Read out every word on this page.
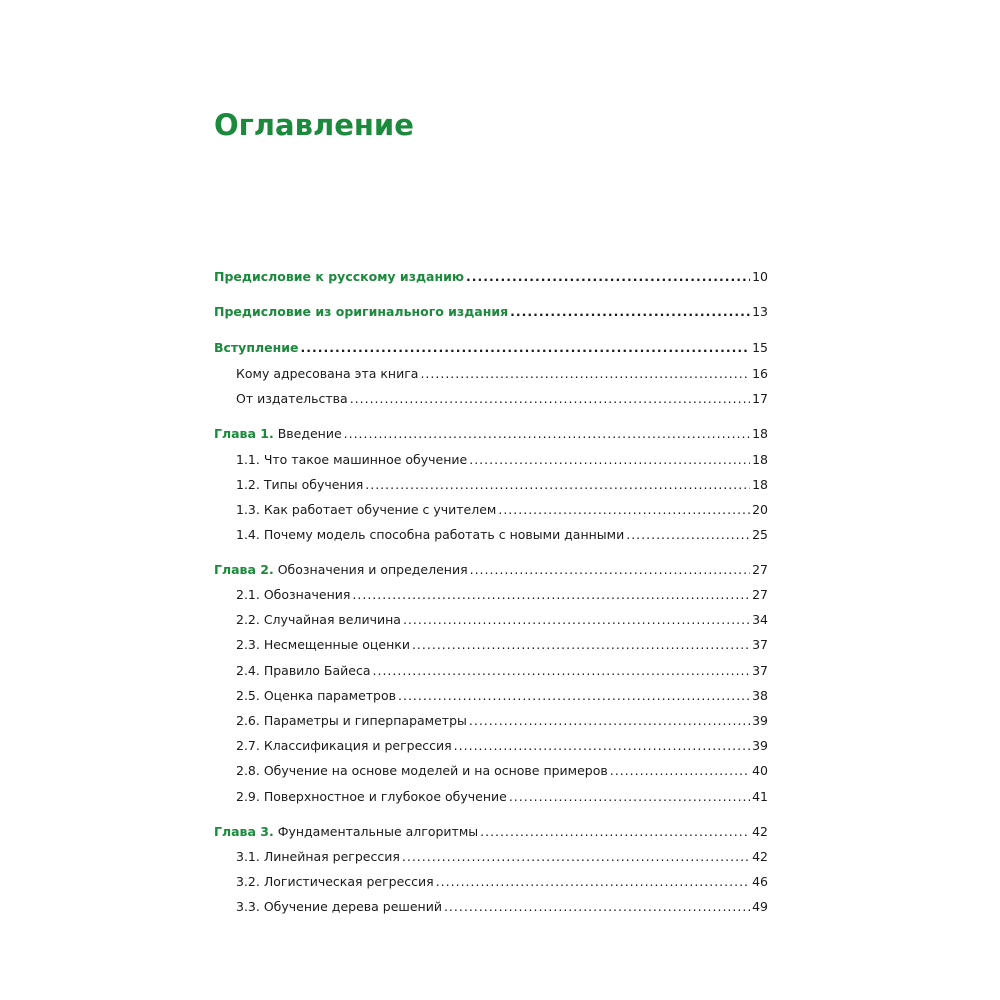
Оглавление
Предисловие к русскому изданию .....	10
Предисловие из оригинального издания .....	13
Вступление .....	15
Кому адресована эта книга .....	16
От издательства .....	17
Глава 1. Введение .....	18
1.1. Что такое машинное обучение .....	18
1.2. Типы обучения .....	18
1.3. Как работает обучение с учителем .....	20
1.4. Почему модель способна работать с новыми данными .....	25
Глава 2. Обозначения и определения .....	27
2.1. Обозначения .....	27
2.2. Случайная величина .....	34
2.3. Несмещенные оценки .....	37
2.4. Правило Байеса .....	37
2.5. Оценка параметров .....	38
2.6. Параметры и гиперпараметры .....	39
2.7. Классификация и регрессия .....	39
2.8. Обучение на основе моделей и на основе примеров .....	40
2.9. Поверхностное и глубокое обучение .....	41
Глава 3. Фундаментальные алгоритмы .....	42
3.1. Линейная регрессия .....	42
3.2. Логистическая регрессия .....	46
3.3. Обучение дерева решений .....	49
